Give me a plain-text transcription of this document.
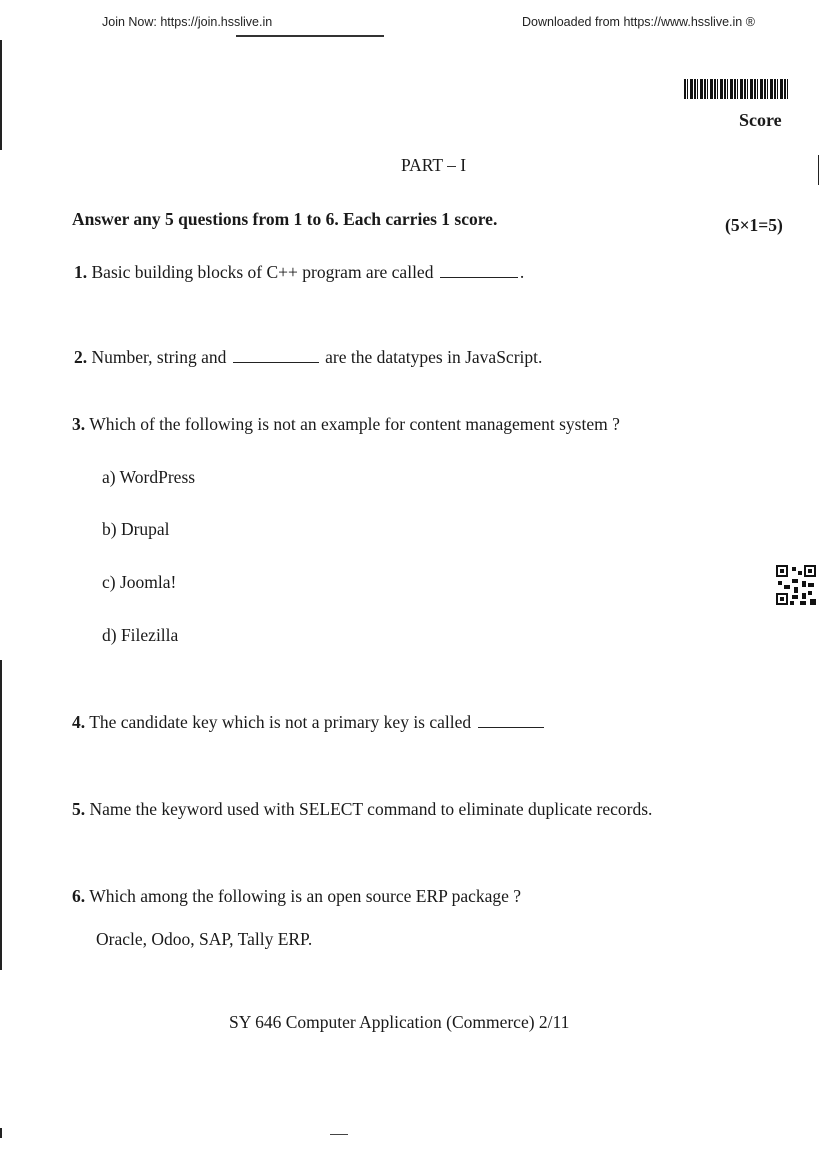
Join Now: https://join.hsslive.in	Downloaded from https://www.hsslive.in ®
Score
PART – I
Answer any 5 questions from 1 to 6. Each carries 1 score.	(5×1=5)
1. Basic building blocks of C++ program are called	.
2. Number, string and	are the datatypes in JavaScript.
3. Which of the following is not an example for content management system ?
a) WordPress
b) Drupal
c) Joomla!
d) Filezilla
4. The candidate key which is not a primary key is called
5. Name the keyword used with SELECT command to eliminate duplicate records.
6. Which among the following is an open source ERP package ?
Oracle, Odoo, SAP, Tally ERP.
SY 646 Computer Application (Commerce) 2/11
